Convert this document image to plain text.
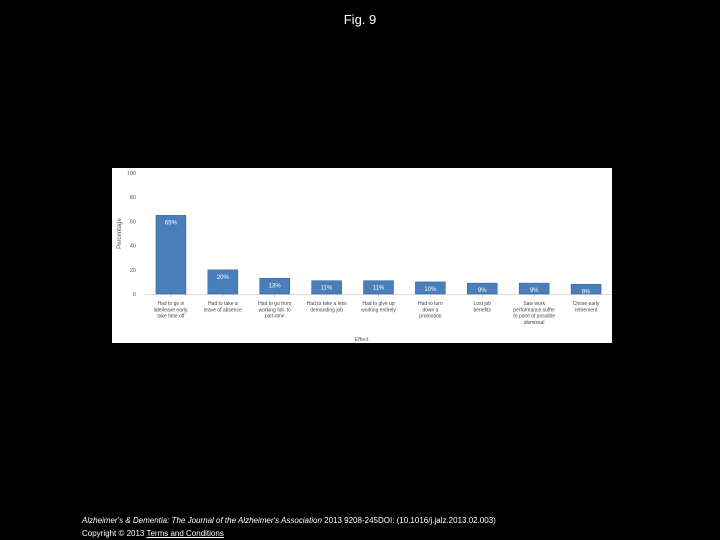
Fig. 9
0
20
40
60
80
100
Percentage	65%
Had to go in late/leave early, take time off
20%
Had to take a leave of absence
13%
Had to go from working full- to part-time
11%
Had to take a less demanding job
11%
Had to give up working entirely
10%
Had to turn down a promotion
9%
Lost job benefits
9%
Saw work performance suffer to point of possible dismissal
8%
Chose early retirement
Effect
Alzheimer's & Dementia: The Journal of the Alzheimer's Association 2013 9208-245DOI: (10.1016/j.jalz.2013.02.003)
Copyright © 2013 Terms and Conditions
